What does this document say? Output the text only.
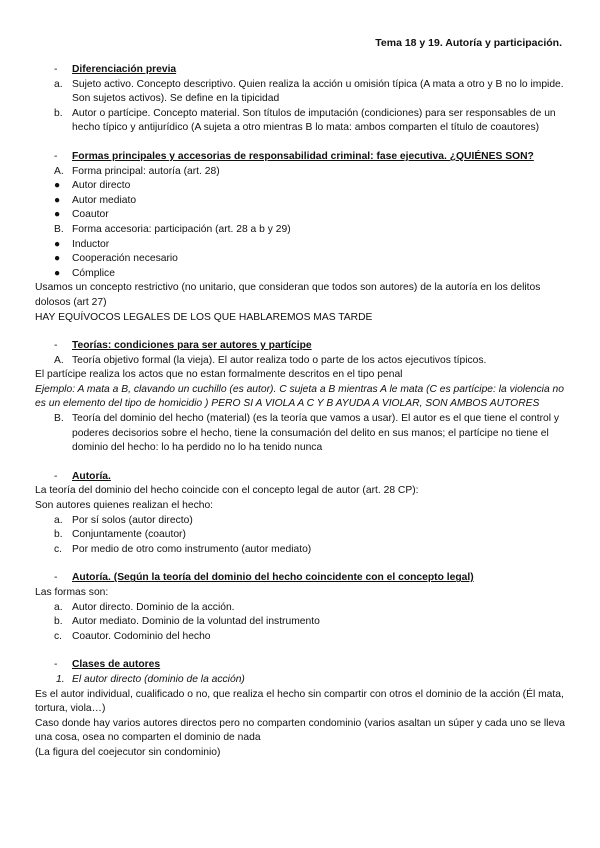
Tema 18 y 19. Autoría y participación.
- Diferenciación previa
a. Sujeto activo. Concepto descriptivo. Quien realiza la acción u omisión típica (A mata a otro y B no lo impide. Son sujetos activos). Se define en la tipicidad
b. Autor o partícipe. Concepto material. Son títulos de imputación (condiciones) para ser responsables de un hecho típico y antijurídico (A sujeta a otro mientras B lo mata: ambos comparten el título de coautores)
- Formas principales y accesorias de responsabilidad criminal: fase ejecutiva. ¿QUIÉNES SON?
A. Forma principal: autoría (art. 28)
● Autor directo
● Autor mediato
● Coautor
B. Forma accesoria: participación (art. 28 a b y 29)
● Inductor
● Cooperación necesario
● Cómplice
Usamos un concepto restrictivo (no unitario, que consideran que todos son autores) de la autoría en los delitos dolosos (art 27)
HAY EQUÍVOCOS LEGALES DE LOS QUE HABLAREMOS MAS TARDE
- Teorías: condiciones para ser autores y partícipe
A. Teoría objetivo formal (la vieja). El autor realiza todo o parte de los actos ejecutivos típicos.
El partícipe realiza los actos que no estan formalmente descritos en el tipo penal
Ejemplo: A mata a B, clavando un cuchillo (es autor). C sujeta a B mientras A le mata (C es partícipe: la violencia no es un elemento del tipo de homicidio ) PERO SI A VIOLA A C Y B AYUDA A VIOLAR, SON AMBOS AUTORES
B. Teoría del dominio del hecho (material) (es la teoría que vamos a usar). El autor es el que tiene el control y poderes decisorios sobre el hecho, tiene la consumación del delito en sus manos; el partícipe no tiene el dominio del hecho: lo ha perdido no lo ha tenido nunca
- Autoría.
La teoría del dominio del hecho coincide con el concepto legal de autor (art. 28 CP):
Son autores quienes realizan el hecho:
a. Por sí solos (autor directo)
b. Conjuntamente (coautor)
c. Por medio de otro como instrumento (autor mediato)
- Autoría. (Según la teoría del dominio del hecho coincidente con el concepto legal)
Las formas son:
a. Autor directo. Dominio de la acción.
b. Autor mediato. Dominio de la voluntad del instrumento
c. Coautor. Codominio del hecho
- Clases de autores
1. El autor directo (dominio de la acción)
Es el autor individual, cualificado o no, que realiza el hecho sin compartir con otros el dominio de la acción (Él mata, tortura, viola…)
Caso donde hay varios autores directos pero no comparten condominio (varios asaltan un súper y cada uno se lleva una cosa, osea no comparten el dominio de nada
(La figura del coejecutor sin condominio)
